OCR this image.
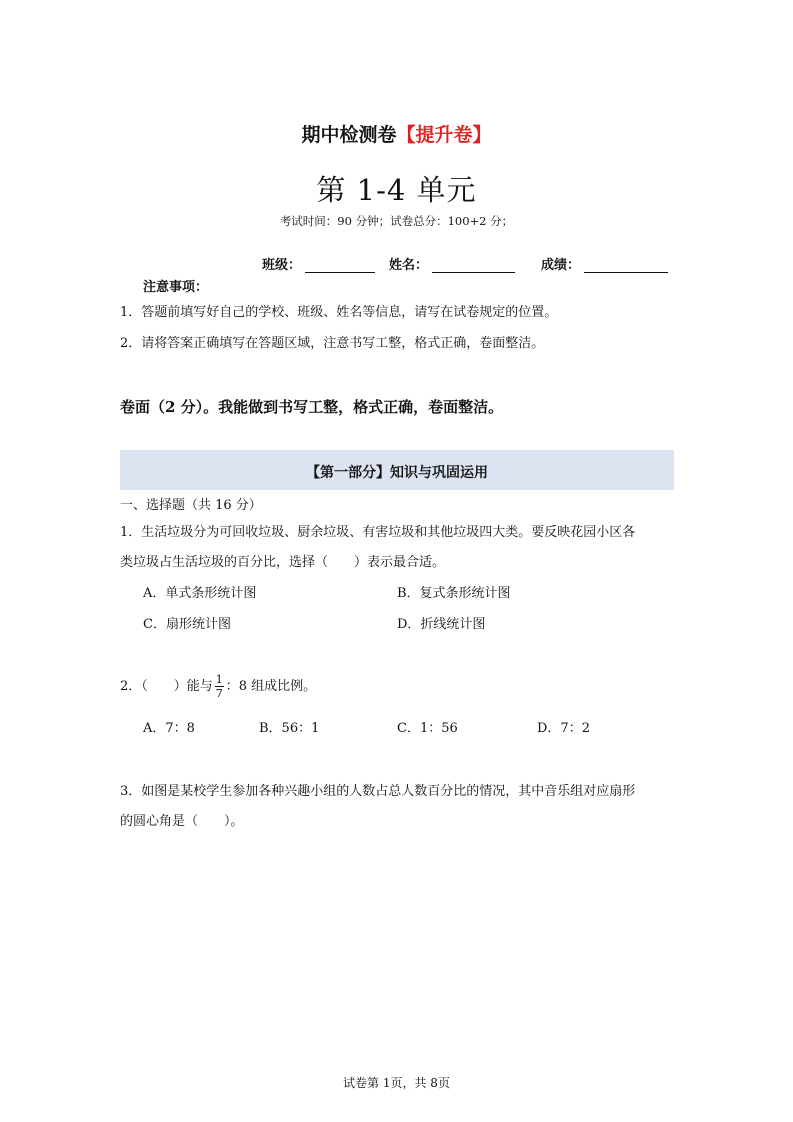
期中检测卷【提升卷】
第 1-4 单元
考试时间：90 分钟；试卷总分：100+2 分；
班级：	姓名：	成绩：
注意事项：
1．答题前填写好自己的学校、班级、姓名等信息，请写在试卷规定的位置。
2．请将答案正确填写在答题区域，注意书写工整，格式正确，卷面整洁。
卷面（2 分）。我能做到书写工整，格式正确，卷面整洁。
【第一部分】知识与巩固运用
一、选择题（共 16 分）
1．生活垃圾分为可回收垃圾、厨余垃圾、有害垃圾和其他垃圾四大类。要反映花园小区各
类垃圾占生活垃圾的百分比，选择（　　）表示最合适。
A．单式条形统计图	B．复式条形统计图
C．扇形统计图	D．折线统计图
2．（　　）能与 $\frac{1}{7}$ ：8 组成比例。
A．7：8	B．56：1	C．1：56	D．7：2
3．如图是某校学生参加各种兴趣小组的人数占总人数百分比的情况，其中音乐组对应扇形
的圆心角是（　　）。
试卷第 1页，共 8页
